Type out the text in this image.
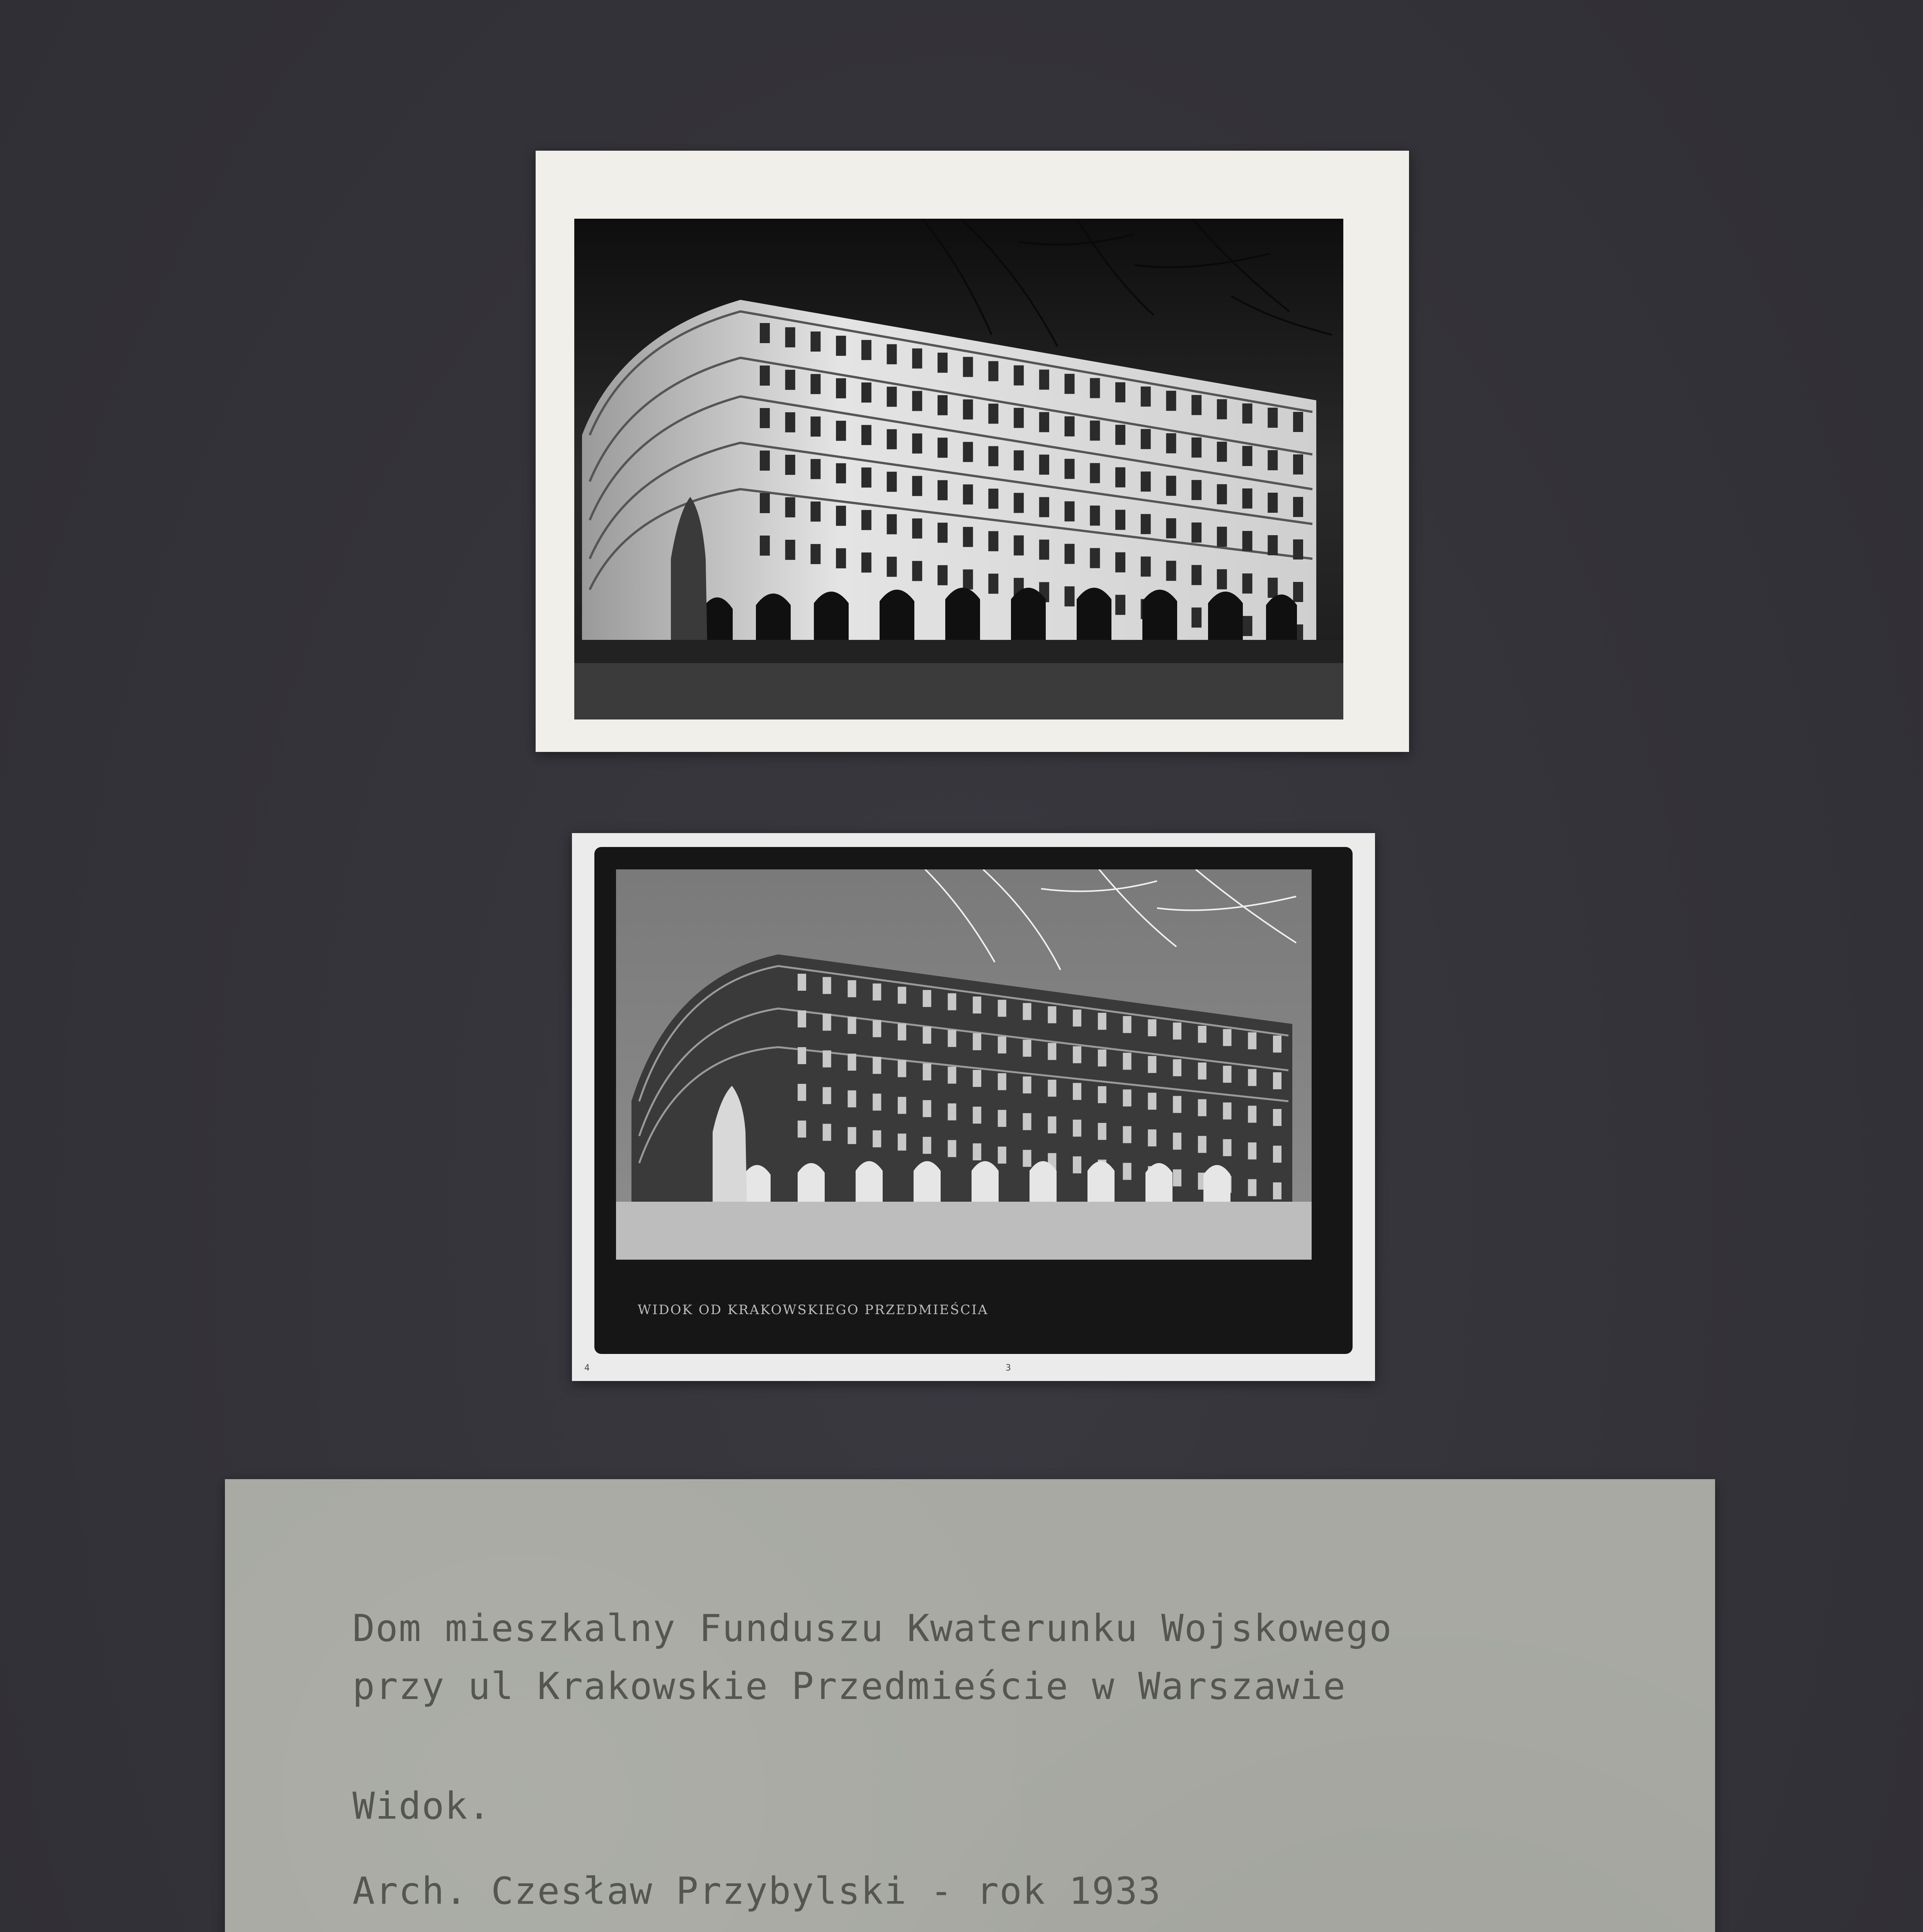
WIDOK OD KRAKOWSKIEGO PRZEDMIEŚCIA
4	3
Dom mieszkalny Funduszu Kwaterunku Wojskowego
przy ul Krakowskie Przedmieście w Warszawie
Widok.
Arch. Czesław Przybylski - rok 1933
